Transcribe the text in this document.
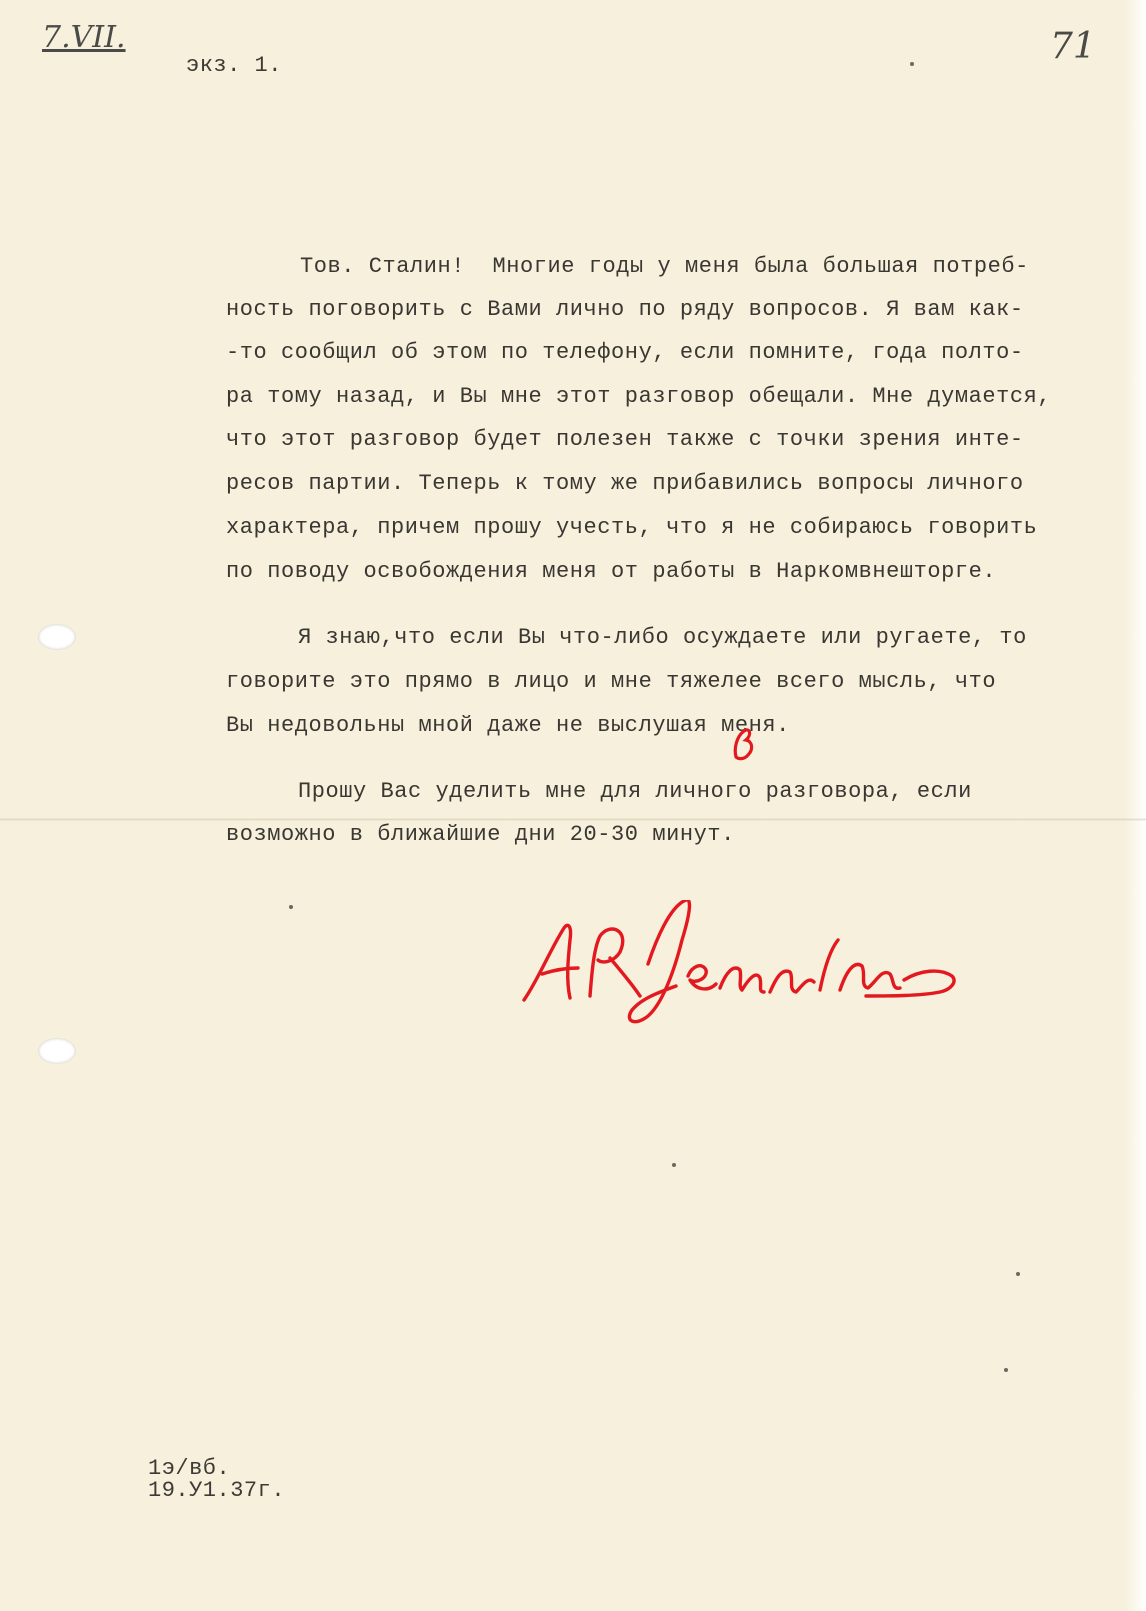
7.VII.

экз. 1.	71

Тов. Сталин!  Многие годы у меня была большая потреб-

ность поговорить с Вами лично по ряду вопросов. Я вам как-

-то сообщил об этом по телефону, если помните, года полто-

ра тому назад, и Вы мне этот разговор обещали. Мне думается,

что этот разговор будет полезен также с точки зрения инте-

ресов партии. Теперь к тому же прибавились вопросы личного

характера, причем прошу учесть, что я не собираюсь говорить

по поводу освобождения меня от работы в Наркомвнешторге.

Я знаю,что если Вы что-либо осуждаете или ругаете, то

говорите это прямо в лицо и мне тяжелее всего мысль, что

Вы недовольны мной даже не выслушая меня.

Прошу Вас уделить мне для личного разговора, если

возможно в ближайшие дни 20-30 минут.

1э/вб.

19.У1.37г.
